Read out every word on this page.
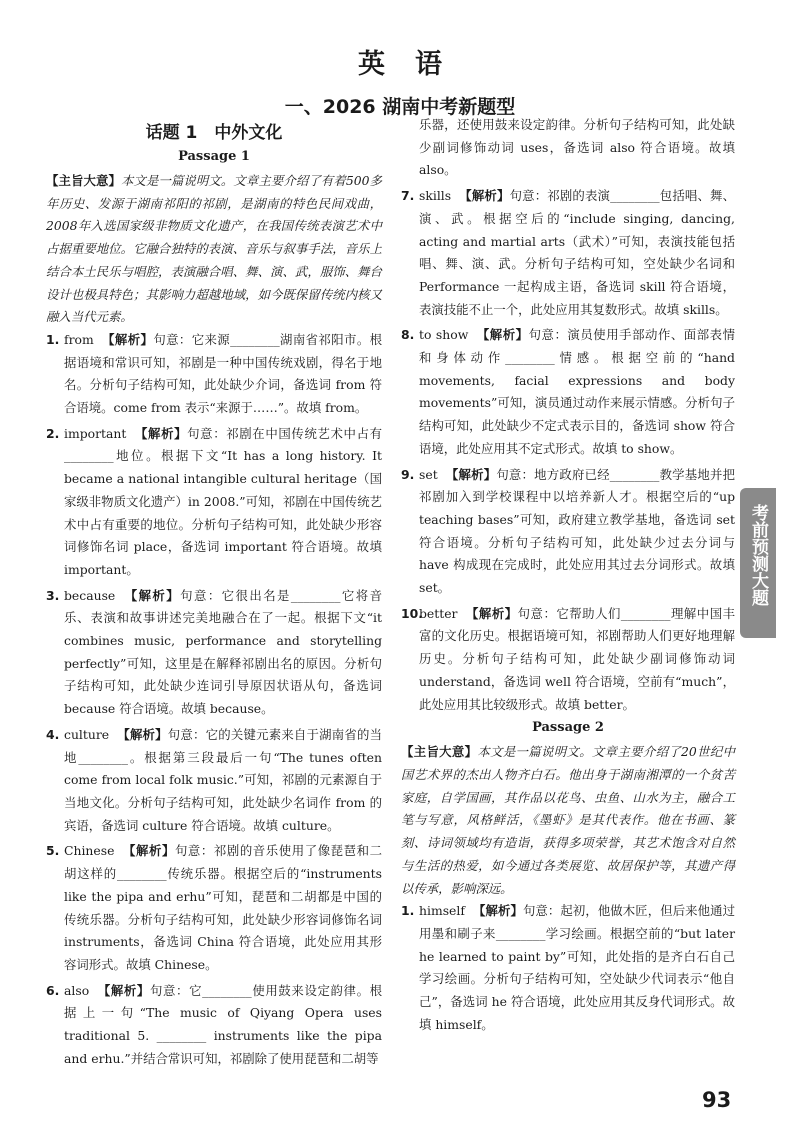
英语
一、2026 湖南中考新题型
话题 1　中外文化
Passage 1

【主旨大意】本文是一篇说明文。文章主要介绍了有着500多年历史、发源于湖南祁阳的祁剧，是湖南的特色民间戏曲，2008年入选国家级非物质文化遗产，在我国传统表演艺术中占据重要地位。它融合独特的表演、音乐与叙事手法，音乐上结合本土民乐与唱腔，表演融合唱、舞、演、武，服饰、舞台设计也极具特色；其影响力超越地域，如今既保留传统内核又融入当代元素。

1. from 【解析】句意：它来源________湖南省祁阳市。根据语境和常识可知，祁剧是一种中国传统戏剧，得名于地名。分析句子结构可知，此处缺少介词，备选词 from 符合语境。come from 表示“来源于……”。故填 from。
2. important 【解析】句意：祁剧在中国传统艺术中占有________地位。根据下文“It has a long history. It became a national intangible cultural heritage（国家级非物质文化遗产）in 2008.”可知，祁剧在中国传统艺术中占有重要的地位。分析句子结构可知，此处缺少形容词修饰名词 place，备选词 important 符合语境。故填 important。
3. because 【解析】句意：它很出名是________它将音乐、表演和故事讲述完美地融合在了一起。根据下文“it combines music, performance and storytelling perfectly”可知，这里是在解释祁剧出名的原因。分析句子结构可知，此处缺少连词引导原因状语从句，备选词 because 符合语境。故填 because。
4. culture 【解析】句意：它的关键元素来自于湖南省的当地________。根据第三段最后一句“The tunes often come from local folk music.”可知，祁剧的元素源自于当地文化。分析句子结构可知，此处缺少名词作 from 的宾语，备选词 culture 符合语境。故填 culture。
5. Chinese 【解析】句意：祁剧的音乐使用了像琵琶和二胡这样的________传统乐器。根据空后的“instruments like the pipa and erhu”可知，琵琶和二胡都是中国的传统乐器。分析句子结构可知，此处缺少形容词修饰名词 instruments，备选词 China 符合语境，此处应用其形容词形式。故填 Chinese。
6. also 【解析】句意：它________使用鼓来设定韵律。根据上一句“The music of Qiyang Opera uses traditional 5. ________ instruments like the pipa and erhu.”并结合常识可知，祁剧除了使用琵琶和二胡等
乐器，还使用鼓来设定韵律。分析句子结构可知，此处缺少副词修饰动词 uses，备选词 also 符合语境。故填 also。
7. skills 【解析】句意：祁剧的表演________包括唱、舞、演、武。根据空后的“include singing, dancing, acting and martial arts（武术）”可知，表演技能包括唱、舞、演、武。分析句子结构可知，空处缺少名词和 Performance 一起构成主语，备选词 skill 符合语境，表演技能不止一个，此处应用其复数形式。故填 skills。
8. to show 【解析】句意：演员使用手部动作、面部表情和身体动作________情感。根据空前的“hand movements, facial expressions and body movements”可知，演员通过动作来展示情感。分析句子结构可知，此处缺少不定式表示目的，备选词 show 符合语境，此处应用其不定式形式。故填 to show。
9. set 【解析】句意：地方政府已经________教学基地并把祁剧加入到学校课程中以培养新人才。根据空后的“up teaching bases”可知，政府建立教学基地，备选词 set 符合语境。分析句子结构可知，此处缺少过去分词与 have 构成现在完成时，此处应用其过去分词形式。故填 set。
10.
better 【解析】句意：它帮助人们________理解中国丰富的文化历史。根据语境可知，祁剧帮助人们更好地理解历史。分析句子结构可知，此处缺少副词修饰动词 understand，备选词 well 符合语境，空前有“much”，此处应用其比较级形式。故填 better。
Passage 2

【主旨大意】本文是一篇说明文。文章主要介绍了20世纪中国艺术界的杰出人物齐白石。他出身于湖南湘潭的一个贫苦家庭，自学国画，其作品以花鸟、虫鱼、山水为主，融合工笔与写意，风格鲜活，《墨虾》是其代表作。他在书画、篆刻、诗词领域均有造诣，获得多项荣誉，其艺术饱含对自然与生活的热爱，如今通过各类展览、故居保护等，其遗产得以传承，影响深远。

1. himself 【解析】句意：起初，他做木匠，但后来他通过用墨和刷子来________学习绘画。根据空前的“but later he learned to paint by”可知，此处指的是齐白石自己学习绘画。分析句子结构可知，空处缺少代词表示“他自己”，备选词 he 符合语境，此处应用其反身代词形式。故填 himself。
考前预测大题
93
